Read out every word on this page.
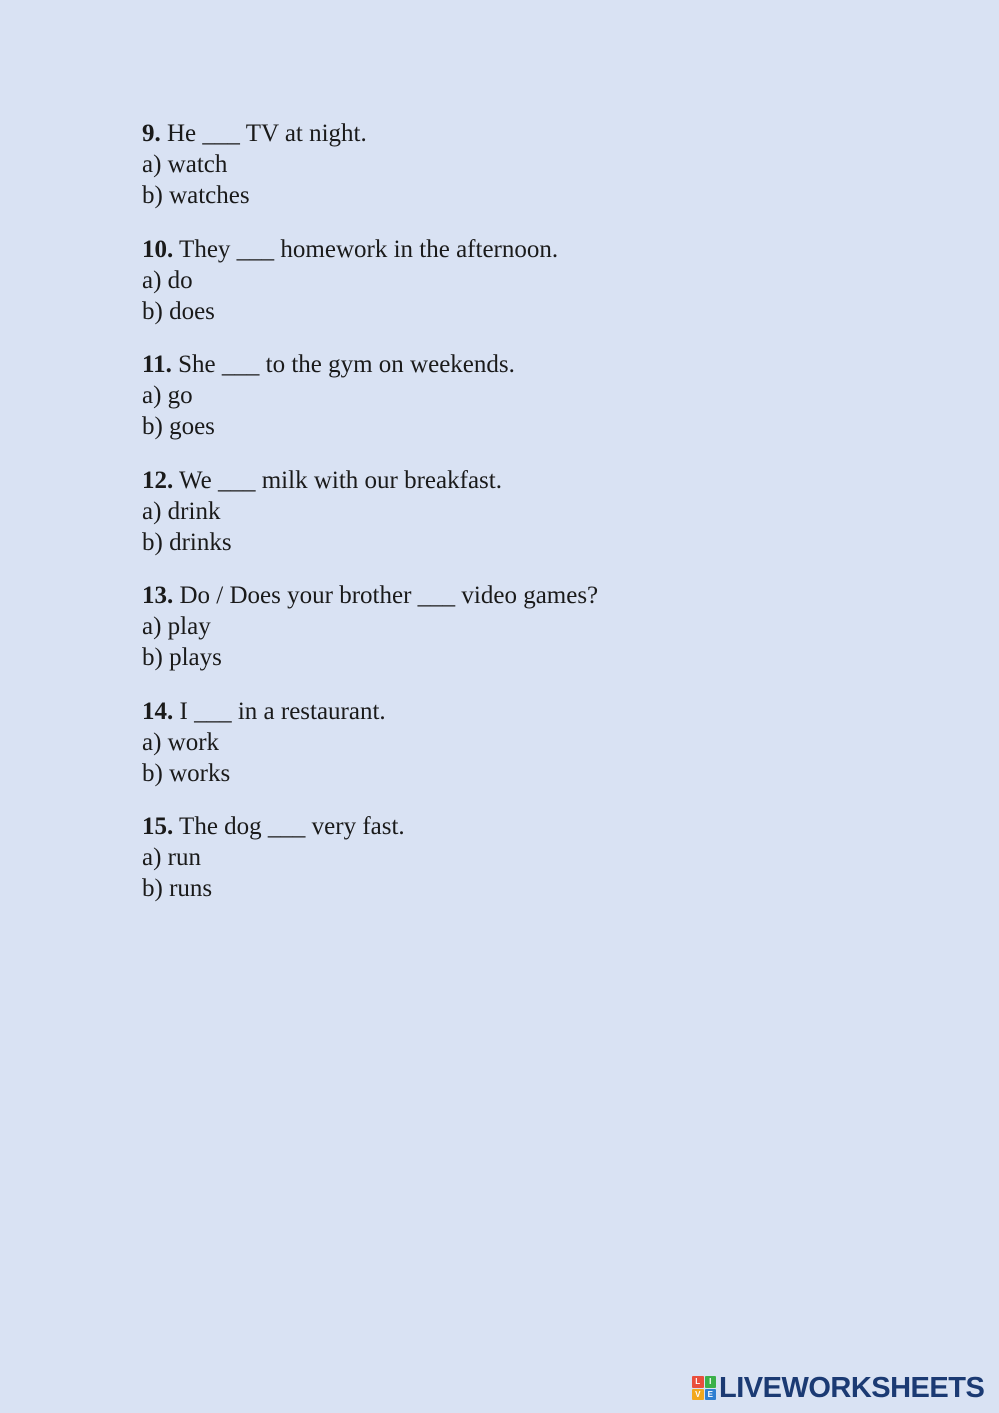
9. He ___ TV at night.
a) watch
b) watches
10. They ___ homework in the afternoon.
a) do
b) does
11. She ___ to the gym on weekends.
a) go
b) goes
12. We ___ milk with our breakfast.
a) drink
b) drinks
13. Do / Does your brother ___ video games?
a) play
b) plays
14. I ___ in a restaurant.
a) work
b) works
15. The dog ___ very fast.
a) run
b) runs
L	I
V E LIVEWORKSHEETS
